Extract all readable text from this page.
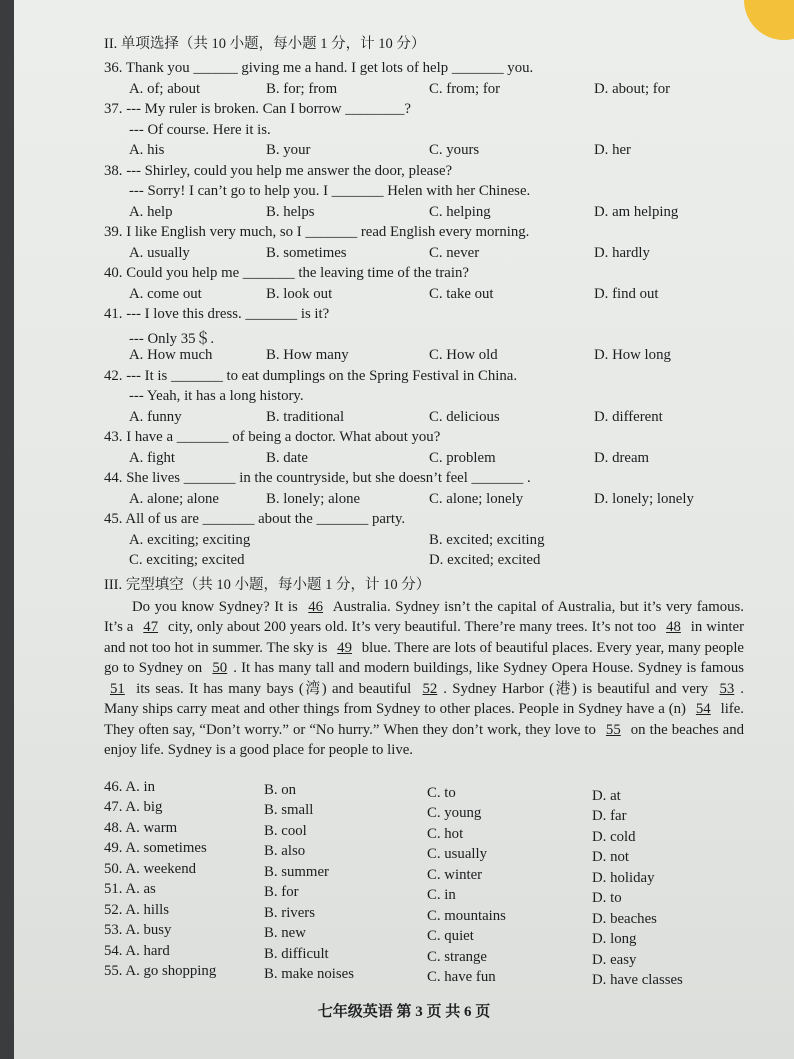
II. 单项选择（共 10 小题，每小题 1 分，计 10 分）
36. Thank you ______ giving me a hand. I get lots of help _______ you.
A. of; about	B. for; from	C. from; for	D. about; for
37. --- My ruler is broken. Can I borrow ________?
--- Of course. Here it is.
A. his	B. your	C. yours	D. her
38. --- Shirley, could you help me answer the door, please?
--- Sorry! I can’t go to help you. I _______ Helen with her Chinese.
A. help	B. helps	C. helping	D. am helping
39. I like English very much, so I _______ read English every morning.
A. usually	B. sometimes	C. never	D. hardly
40. Could you help me _______ the leaving time of the train?
A. come out	B. look out	C. take out	D. find out
41. --- I love this dress. _______ is it?
--- Only 35＄.
A. How much	B. How many	C. How old	D. How long
42. --- It is _______ to eat dumplings on the Spring Festival in China.
--- Yeah, it has a long history.
A. funny	B. traditional	C. delicious	D. different
43. I have a _______ of being a doctor. What about you?
A. fight	B. date	C. problem	D. dream
44. She lives _______ in the countryside, but she doesn’t feel _______ .
A. alone; alone	B. lonely; alone	C. alone; lonely	D. lonely; lonely
45. All of us are _______ about the _______ party.
A. exciting; exciting	B. excited; exciting
C. exciting; excited	D. excited; excited
III. 完型填空（共 10 小题，每小题 1 分，计 10 分）

Do you know Sydney? It is 46 Australia. Sydney isn’t the capital of Australia, but it’s very famous. It’s a 47 city, only about 200 years old. It’s very beautiful. There’re many trees. It’s not too 48 in winter and not too hot in summer. The sky is 49 blue. There are lots of beautiful places. Every year, many people go to Sydney on 50 . It has many tall and modern buildings, like Sydney Opera House. Sydney is famous 51 its seas. It has many bays (湾) and beautiful 52 . Sydney Harbor (港) is beautiful and very 53 . Many ships carry meat and other things from Sydney to other places. People in Sydney have a (n) 54 life. They often say, “Don’t worry.” or “No hurry.” When they don’t work, they love to 55 on the beaches and enjoy life. Sydney is a good place for people to live.

46. A. in	B. on	C. to	D. at
47. A. big	B. small	C. young	D. far
48. A. warm	B. cool	C. hot	D. cold
49. A. sometimes	B. also	C. usually	D. not
50. A. weekend	B. summer	C. winter	D. holiday
51. A. as	B. for	C. in	D. to
52. A. hills	B. rivers	C. mountains	D. beaches
53. A. busy	B. new	C. quiet	D. long
54. A. hard	B. difficult	C. strange	D. easy
55. A. go shopping	B. make noises	C. have fun	D. have classes
七年级英语 第 3 页 共 6 页
